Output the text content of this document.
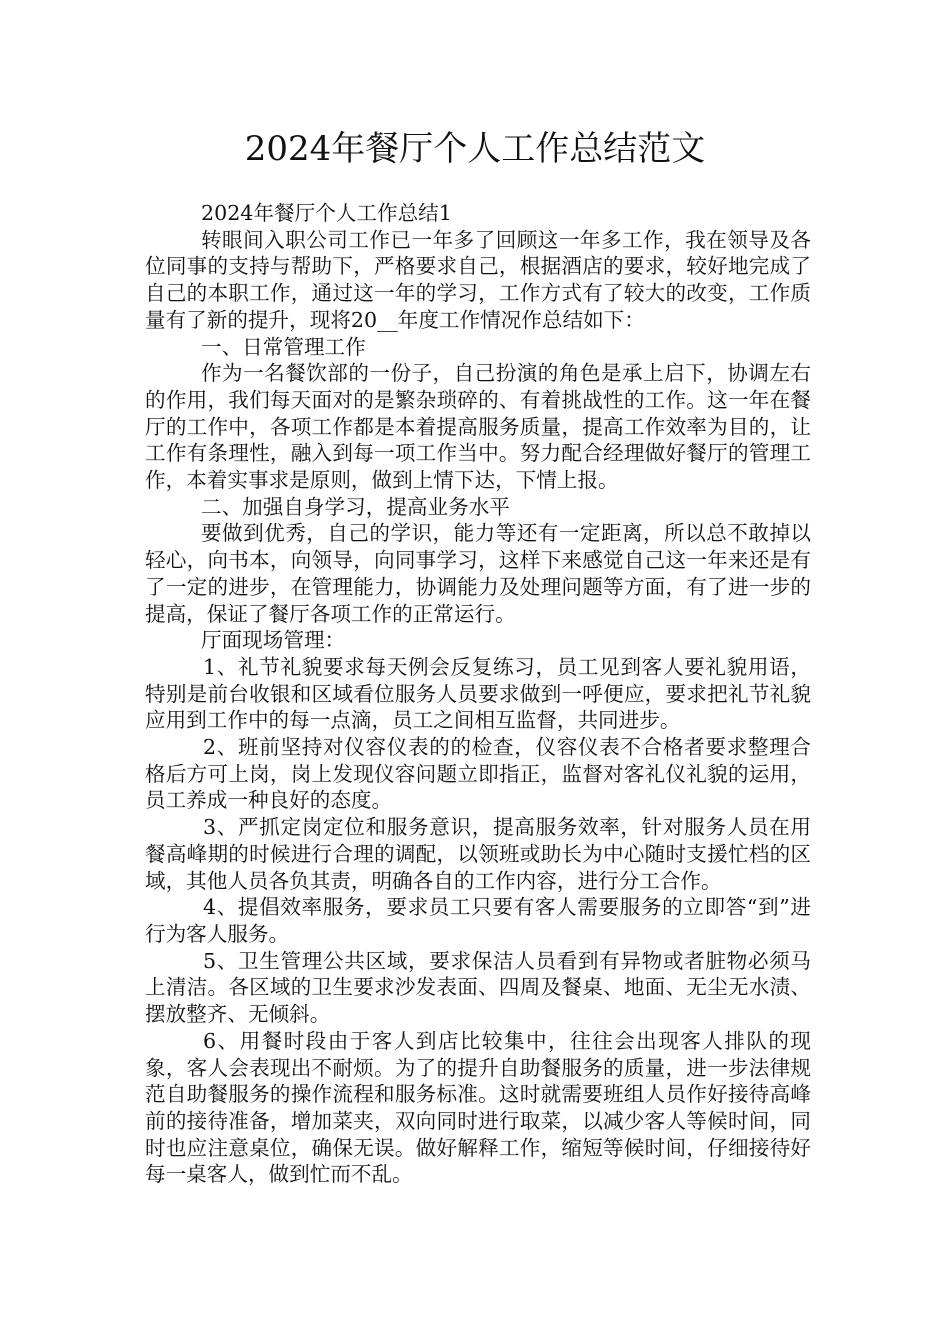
2024年餐厅个人工作总结范文

2024年餐厅个人工作总结1

转眼间入职公司工作已一年多了回顾这一年多工作，我在领导及各位同事的支持与帮助下，严格要求自己，根据酒店的要求，较好地完成了自己的本职工作，通过这一年的学习，工作方式有了较大的改变，工作质量有了新的提升，现将20__年度工作情况作总结如下：

一、日常管理工作

作为一名餐饮部的一份子，自己扮演的角色是承上启下，协调左右的作用，我们每天面对的是繁杂琐碎的、有着挑战性的工作。这一年在餐厅的工作中，各项工作都是本着提高服务质量，提高工作效率为目的，让工作有条理性，融入到每一项工作当中。努力配合经理做好餐厅的管理工作，本着实事求是原则，做到上情下达，下情上报。

二、加强自身学习，提高业务水平

要做到优秀，自己的学识，能力等还有一定距离，所以总不敢掉以轻心，向书本，向领导，向同事学习，这样下来感觉自己这一年来还是有了一定的进步，在管理能力，协调能力及处理问题等方面，有了进一步的提高，保证了餐厅各项工作的正常运行。

厅面现场管理：

1、礼节礼貌要求每天例会反复练习，员工见到客人要礼貌用语，特别是前台收银和区域看位服务人员要求做到一呼便应，要求把礼节礼貌应用到工作中的每一点滴，员工之间相互监督，共同进步。

2、班前坚持对仪容仪表的的检查，仪容仪表不合格者要求整理合格后方可上岗，岗上发现仪容问题立即指正，监督对客礼仪礼貌的运用，员工养成一种良好的态度。

3、严抓定岗定位和服务意识，提高服务效率，针对服务人员在用餐高峰期的时候进行合理的调配，以领班或助长为中心随时支援忙档的区域，其他人员各负其责，明确各自的工作内容，进行分工合作。

4、提倡效率服务，要求员工只要有客人需要服务的立即答“到”进行为客人服务。

5、卫生管理公共区域，要求保洁人员看到有异物或者脏物必须马上清洁。各区域的卫生要求沙发表面、四周及餐桌、地面、无尘无水渍、摆放整齐、无倾斜。

6、用餐时段由于客人到店比较集中，往往会出现客人排队的现象，客人会表现出不耐烦。为了的提升自助餐服务的质量，进一步法律规范自助餐服务的操作流程和服务标准。这时就需要班组人员作好接待高峰前的接待准备，增加菜夹，双向同时进行取菜，以减少客人等候时间，同时也应注意桌位，确保无误。做好解释工作，缩短等候时间，仔细接待好每一桌客人，做到忙而不乱。
